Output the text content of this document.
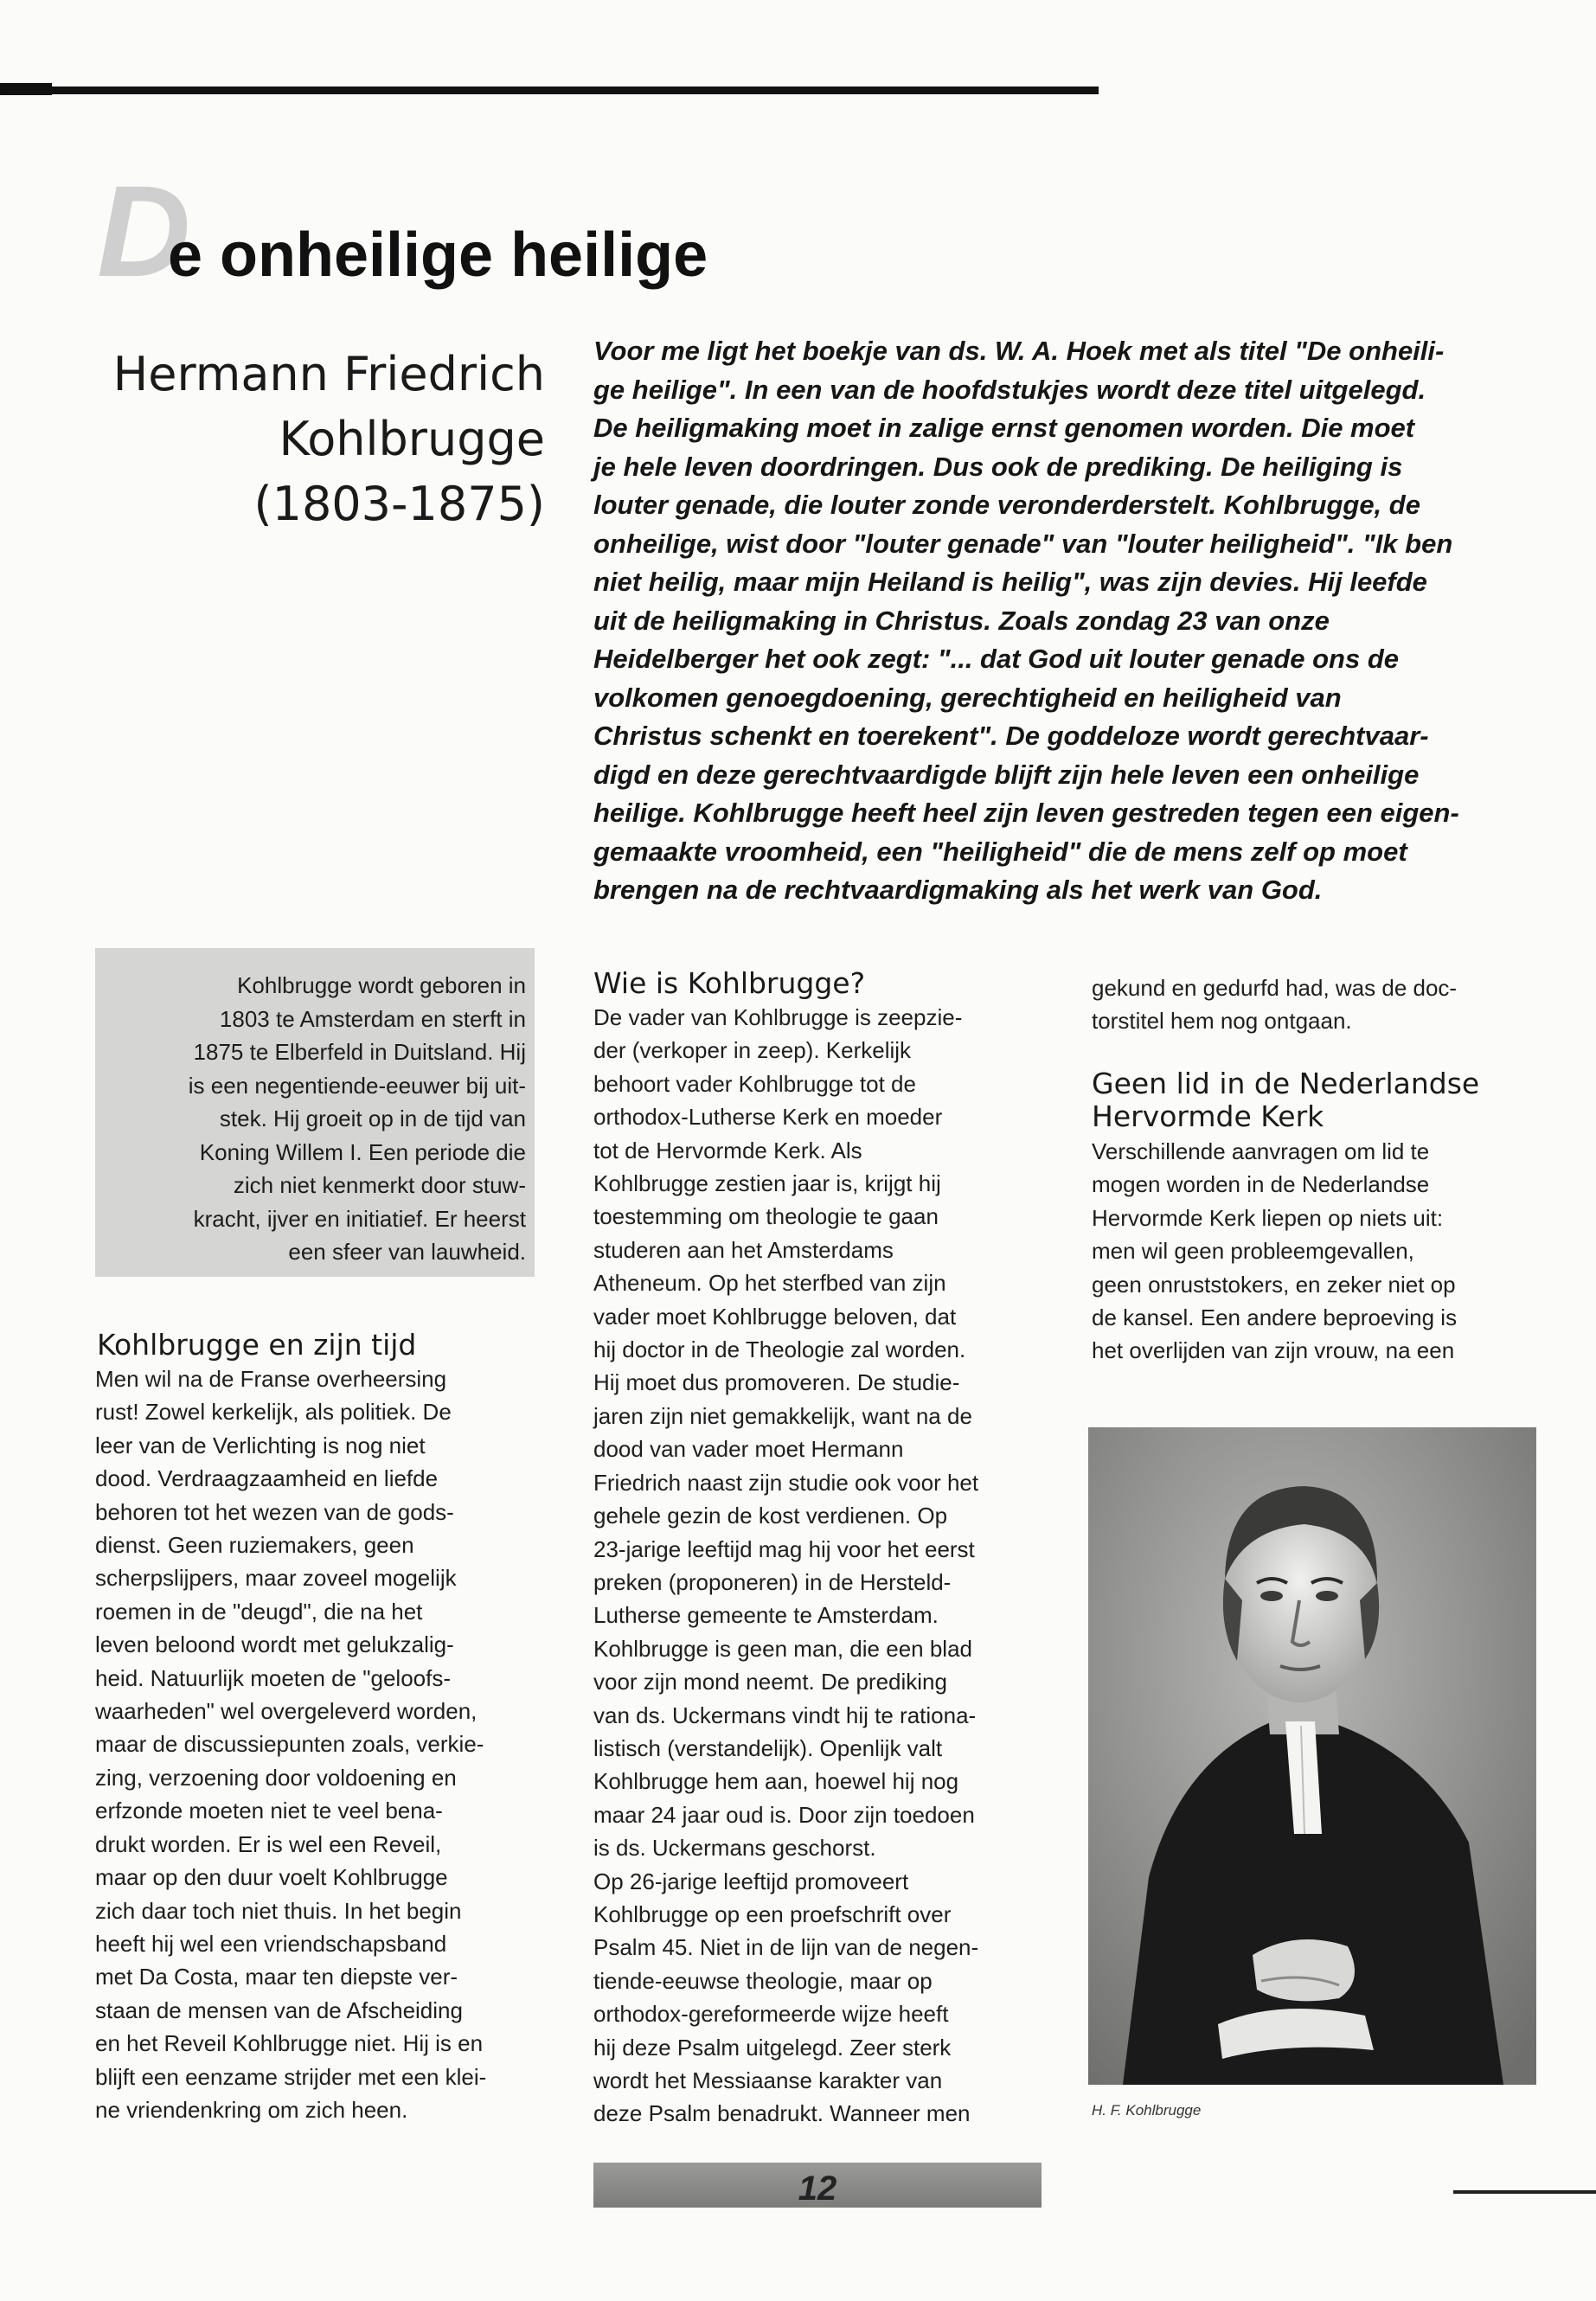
D
e onheilige heilige
Hermann Friedrich
Kohlbrugge
(1803-1875)
Voor me ligt het boekje van ds. W. A. Hoek met als titel "De onheili-
ge heilige". In een van de hoofdstukjes wordt deze titel uitgelegd.
De heiligmaking moet in zalige ernst genomen worden. Die moet
je hele leven doordringen. Dus ook de prediking. De heiliging is
louter genade, die louter zonde veronderderstelt. Kohlbrugge, de
onheilige, wist door "louter genade" van "louter heiligheid". "Ik ben
niet heilig, maar mijn Heiland is heilig", was zijn devies. Hij leefde
uit de heiligmaking in Christus. Zoals zondag 23 van onze
Heidelberger het ook zegt: "... dat God uit louter genade ons de
volkomen genoegdoening, gerechtigheid en heiligheid van
Christus schenkt en toerekent". De goddeloze wordt gerechtvaar-
digd en deze gerechtvaardigde blijft zijn hele leven een onheilige
heilige. Kohlbrugge heeft heel zijn leven gestreden tegen een eigen-
gemaakte vroomheid, een "heiligheid" die de mens zelf op moet
brengen na de rechtvaardigmaking als het werk van God.
Kohlbrugge wordt geboren in
1803 te Amsterdam en sterft in
1875 te Elberfeld in Duitsland. Hij
is een negentiende-eeuwer bij uit-
stek. Hij groeit op in de tijd van
Koning Willem I. Een periode die
zich niet kenmerkt door stuw-
kracht, ijver en initiatief. Er heerst
een sfeer van lauwheid.
Kohlbrugge en zijn tijd
Men wil na de Franse overheersing
rust! Zowel kerkelijk, als politiek. De
leer van de Verlichting is nog niet
dood. Verdraagzaamheid en liefde
behoren tot het wezen van de gods-
dienst. Geen ruziemakers, geen
scherpslijpers, maar zoveel mogelijk
roemen in de "deugd", die na het
leven beloond wordt met gelukzalig-
heid. Natuurlijk moeten de "geloofs-
waarheden" wel overgeleverd worden,
maar de discussiepunten zoals, verkie-
zing, verzoening door voldoening en
erfzonde moeten niet te veel bena-
drukt worden. Er is wel een Reveil,
maar op den duur voelt Kohlbrugge
zich daar toch niet thuis. In het begin
heeft hij wel een vriendschapsband
met Da Costa, maar ten diepste ver-
staan de mensen van de Afscheiding
en het Reveil Kohlbrugge niet. Hij is en
blijft een eenzame strijder met een klei-
ne vriendenkring om zich heen.
Wie is Kohlbrugge?
De vader van Kohlbrugge is zeepzie-
der (verkoper in zeep). Kerkelijk
behoort vader Kohlbrugge tot de
orthodox-Lutherse Kerk en moeder
tot de Hervormde Kerk. Als
Kohlbrugge zestien jaar is, krijgt hij
toestemming om theologie te gaan
studeren aan het Amsterdams
Atheneum. Op het sterfbed van zijn
vader moet Kohlbrugge beloven, dat
hij doctor in de Theologie zal worden.
Hij moet dus promoveren. De studie-
jaren zijn niet gemakkelijk, want na de
dood van vader moet Hermann
Friedrich naast zijn studie ook voor het
gehele gezin de kost verdienen. Op
23-jarige leeftijd mag hij voor het eerst
preken (proponeren) in de Hersteld-
Lutherse gemeente te Amsterdam.
Kohlbrugge is geen man, die een blad
voor zijn mond neemt. De prediking
van ds. Uckermans vindt hij te rationa-
listisch (verstandelijk). Openlijk valt
Kohlbrugge hem aan, hoewel hij nog
maar 24 jaar oud is. Door zijn toedoen
is ds. Uckermans geschorst.
Op 26-jarige leeftijd promoveert
Kohlbrugge op een proefschrift over
Psalm 45. Niet in de lijn van de negen-
tiende-eeuwse theologie, maar op
orthodox-gereformeerde wijze heeft
hij deze Psalm uitgelegd. Zeer sterk
wordt het Messiaanse karakter van
deze Psalm benadrukt. Wanneer men
gekund en gedurfd had, was de doc-
torstitel hem nog ontgaan.
Geen lid in de Nederlandse
Hervormde Kerk
Verschillende aanvragen om lid te
mogen worden in de Nederlandse
Hervormde Kerk liepen op niets uit:
men wil geen probleemgevallen,
geen onruststokers, en zeker niet op
de kansel. Een andere beproeving is
het overlijden van zijn vrouw, na een
H. F. Kohlbrugge
12
